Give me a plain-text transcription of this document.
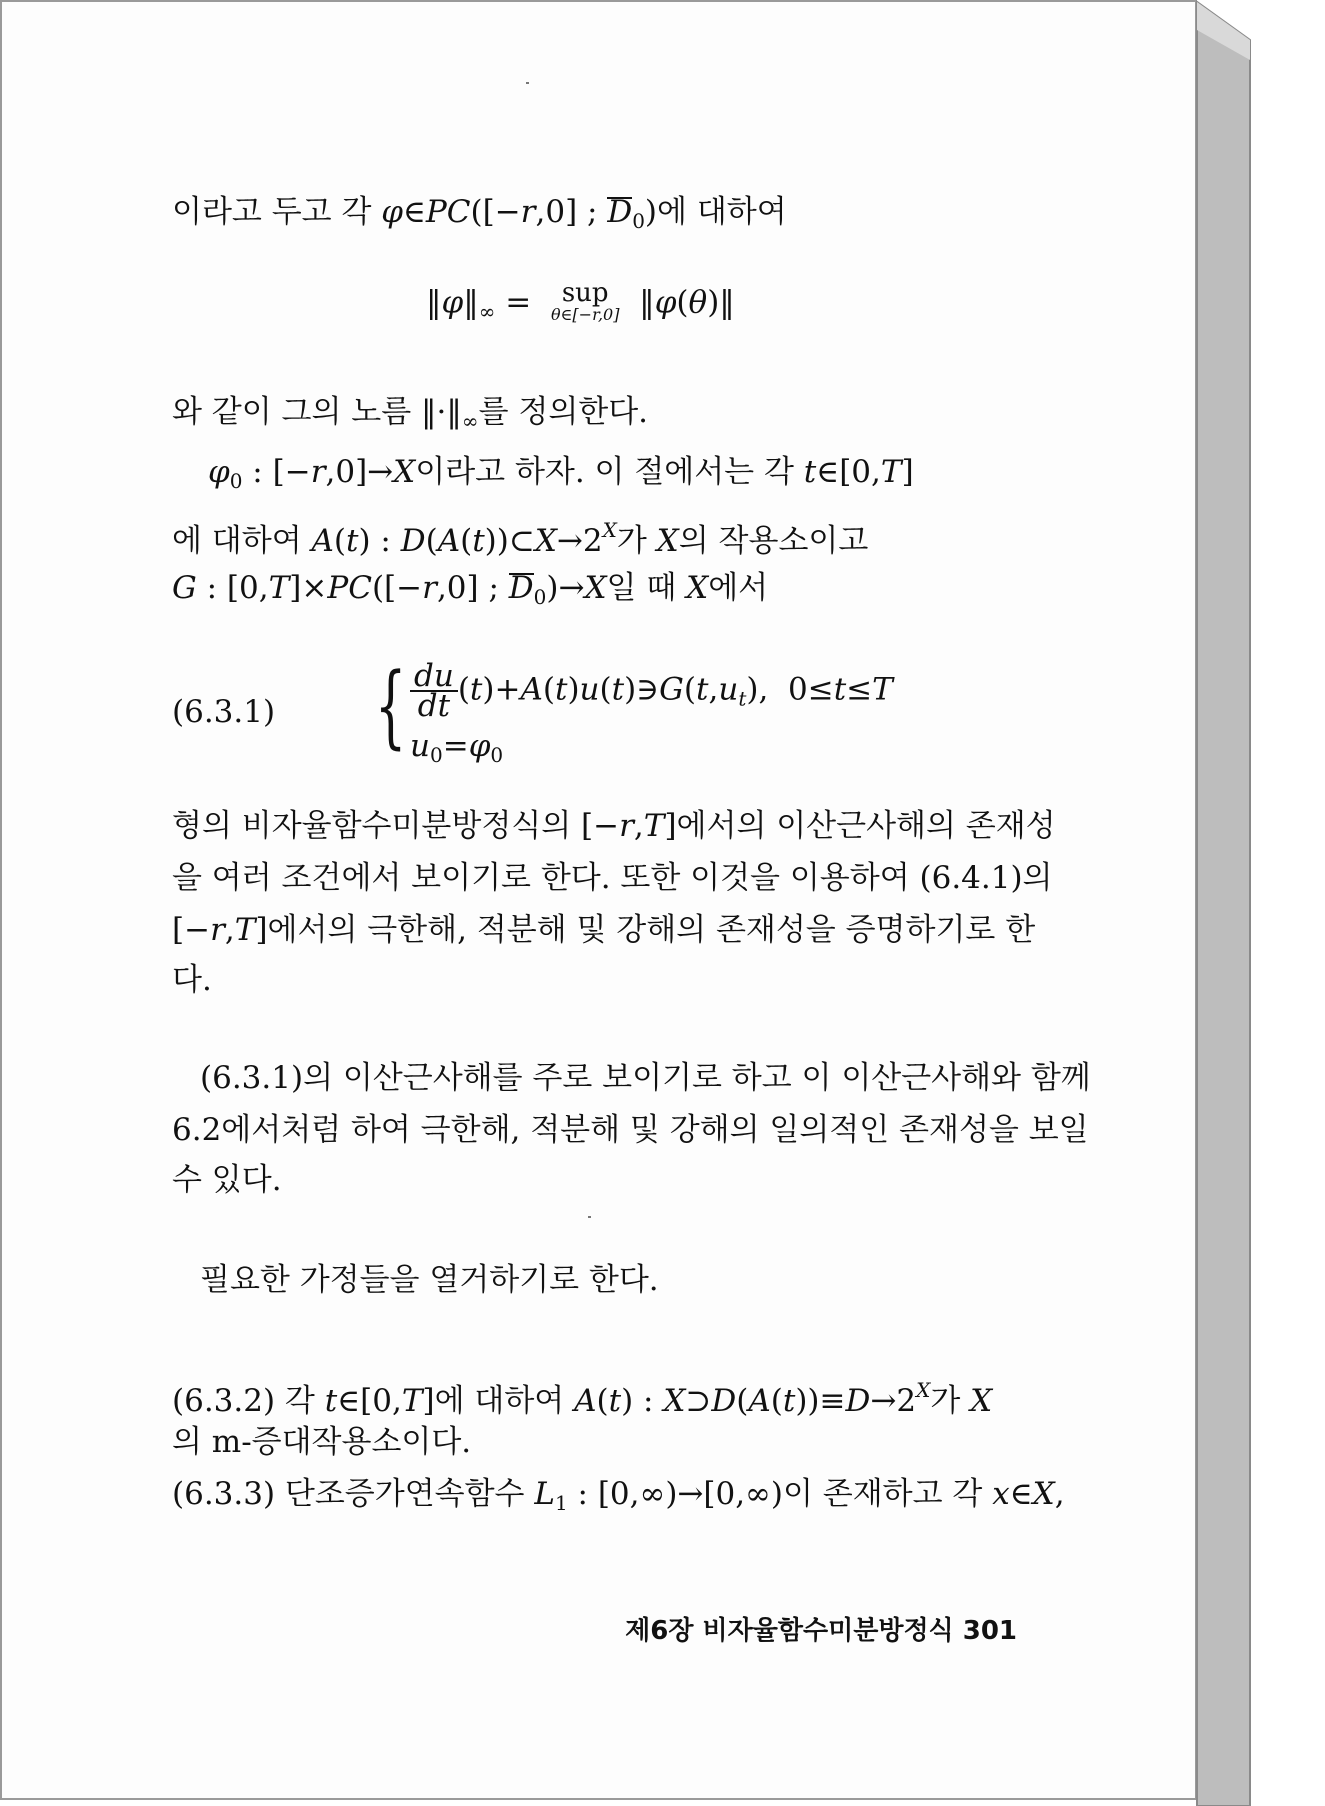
이라고 두고 각 φ∈PC([−r,0] ; $D_0$)에 대하여
$‖\varphi‖_\infty$ = sup
θ∈[−r,0] ‖φ(θ)‖
와 같이 그의 노름 $‖\cdot‖_\infty$를 정의한다.
$\varphi_0$ : [−r,0]→X이라고 하자. 이 절에서는 각 t∈[0,T]
에 대하여 A(t) : $D(A(t))\subset X\to 2^X$가 X의 작용소이고
G : [0,T]×PC([−r,0] ; $D_0)\to X$일 때 X에서
(6.3.1) { $\frac{du}{dt}$ $(t)+A(t)u(t)∋G(t,u_t)$,  0≤t≤T
$u_0=\varphi_0$
형의 비자율함수미분방정식의 [−r,T]에서의 이산근사해의 존재성
을 여러 조건에서 보이기로 한다. 또한 이것을 이용하여 (6.4.1)의
[−r,T]에서의 극한해, 적분해 및 강해의 존재성을 증명하기로 한
다.
(6.3.1)의 이산근사해를 주로 보이기로 하고 이 이산근사해와 함께
6.2에서처럼 하여 극한해, 적분해 및 강해의 일의적인 존재성을 보일
수 있다.
필요한 가정들을 열거하기로 한다.
(6.3.2) 각 t∈[0,T]에 대하여 A(t) : $X⊃D(A(t))\equiv D\to 2^X$가 X
의 m-증대작용소이다.
(6.3.3) 단조증가연속함수 $L_1$ : [0,∞)→[0,∞)이 존재하고 각 x∈X,
제6장 비자율함수미분방정식 301
